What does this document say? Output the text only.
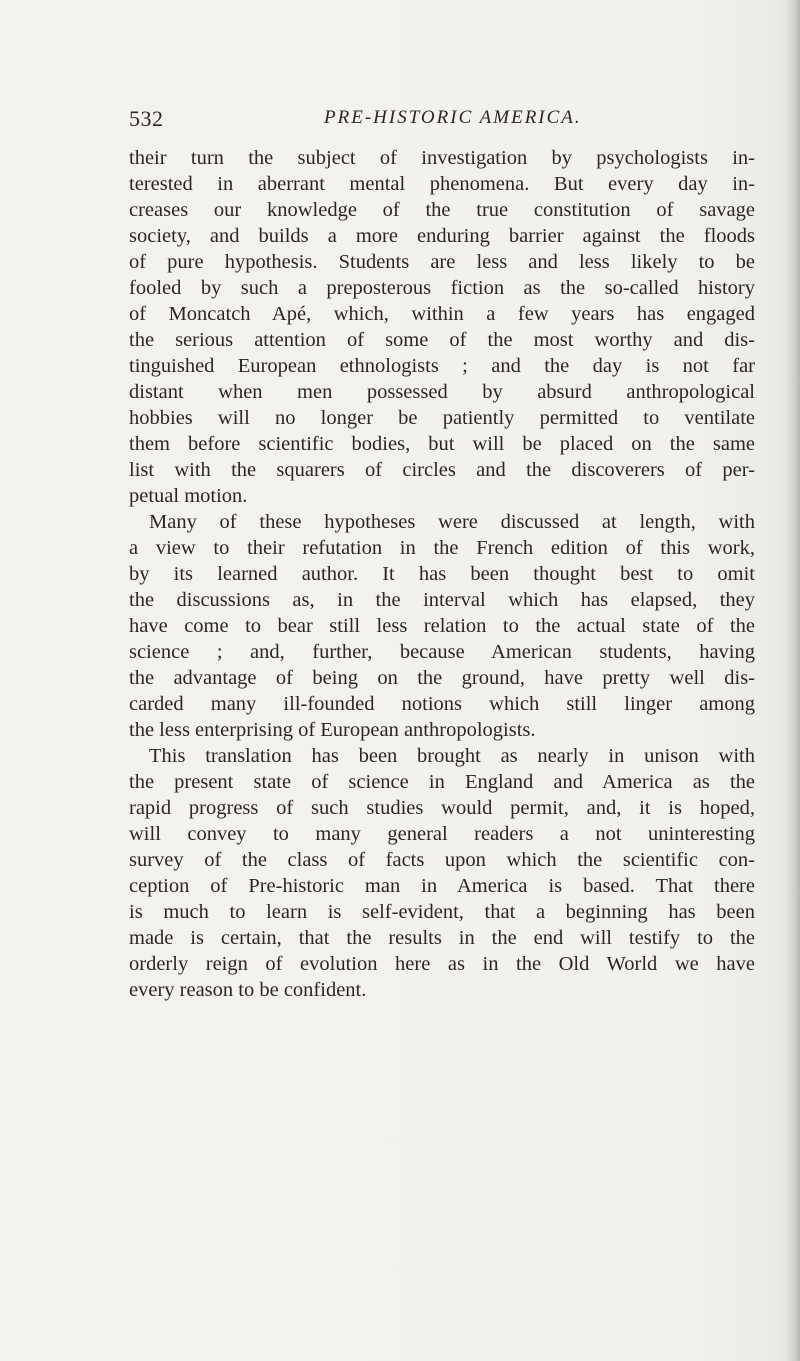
532	PRE-HISTORIC AMERICA.
their turn the subject of investigation by psychologists in-
terested in aberrant mental phenomena. But every day in-
creases our knowledge of the true constitution of savage
society, and builds a more enduring barrier against the floods
of pure hypothesis. Students are less and less likely to be
fooled by such a preposterous fiction as the so-called history
of Moncatch Apé, which, within a few years has engaged
the serious attention of some of the most worthy and dis-
tinguished European ethnologists ; and the day is not far
distant when men possessed by absurd anthropological
hobbies will no longer be patiently permitted to ventilate
them before scientific bodies, but will be placed on the same
list with the squarers of circles and the discoverers of per-
petual motion.
Many of these hypotheses were discussed at length, with
a view to their refutation in the French edition of this work,
by its learned author. It has been thought best to omit
the discussions as, in the interval which has elapsed, they
have come to bear still less relation to the actual state of the
science ; and, further, because American students, having
the advantage of being on the ground, have pretty well dis-
carded many ill-founded notions which still linger among
the less enterprising of European anthropologists.
This translation has been brought as nearly in unison with
the present state of science in England and America as the
rapid progress of such studies would permit, and, it is hoped,
will convey to many general readers a not uninteresting
survey of the class of facts upon which the scientific con-
ception of Pre-historic man in America is based. That there
is much to learn is self-evident, that a beginning has been
made is certain, that the results in the end will testify to the
orderly reign of evolution here as in the Old World we have
every reason to be confident.
